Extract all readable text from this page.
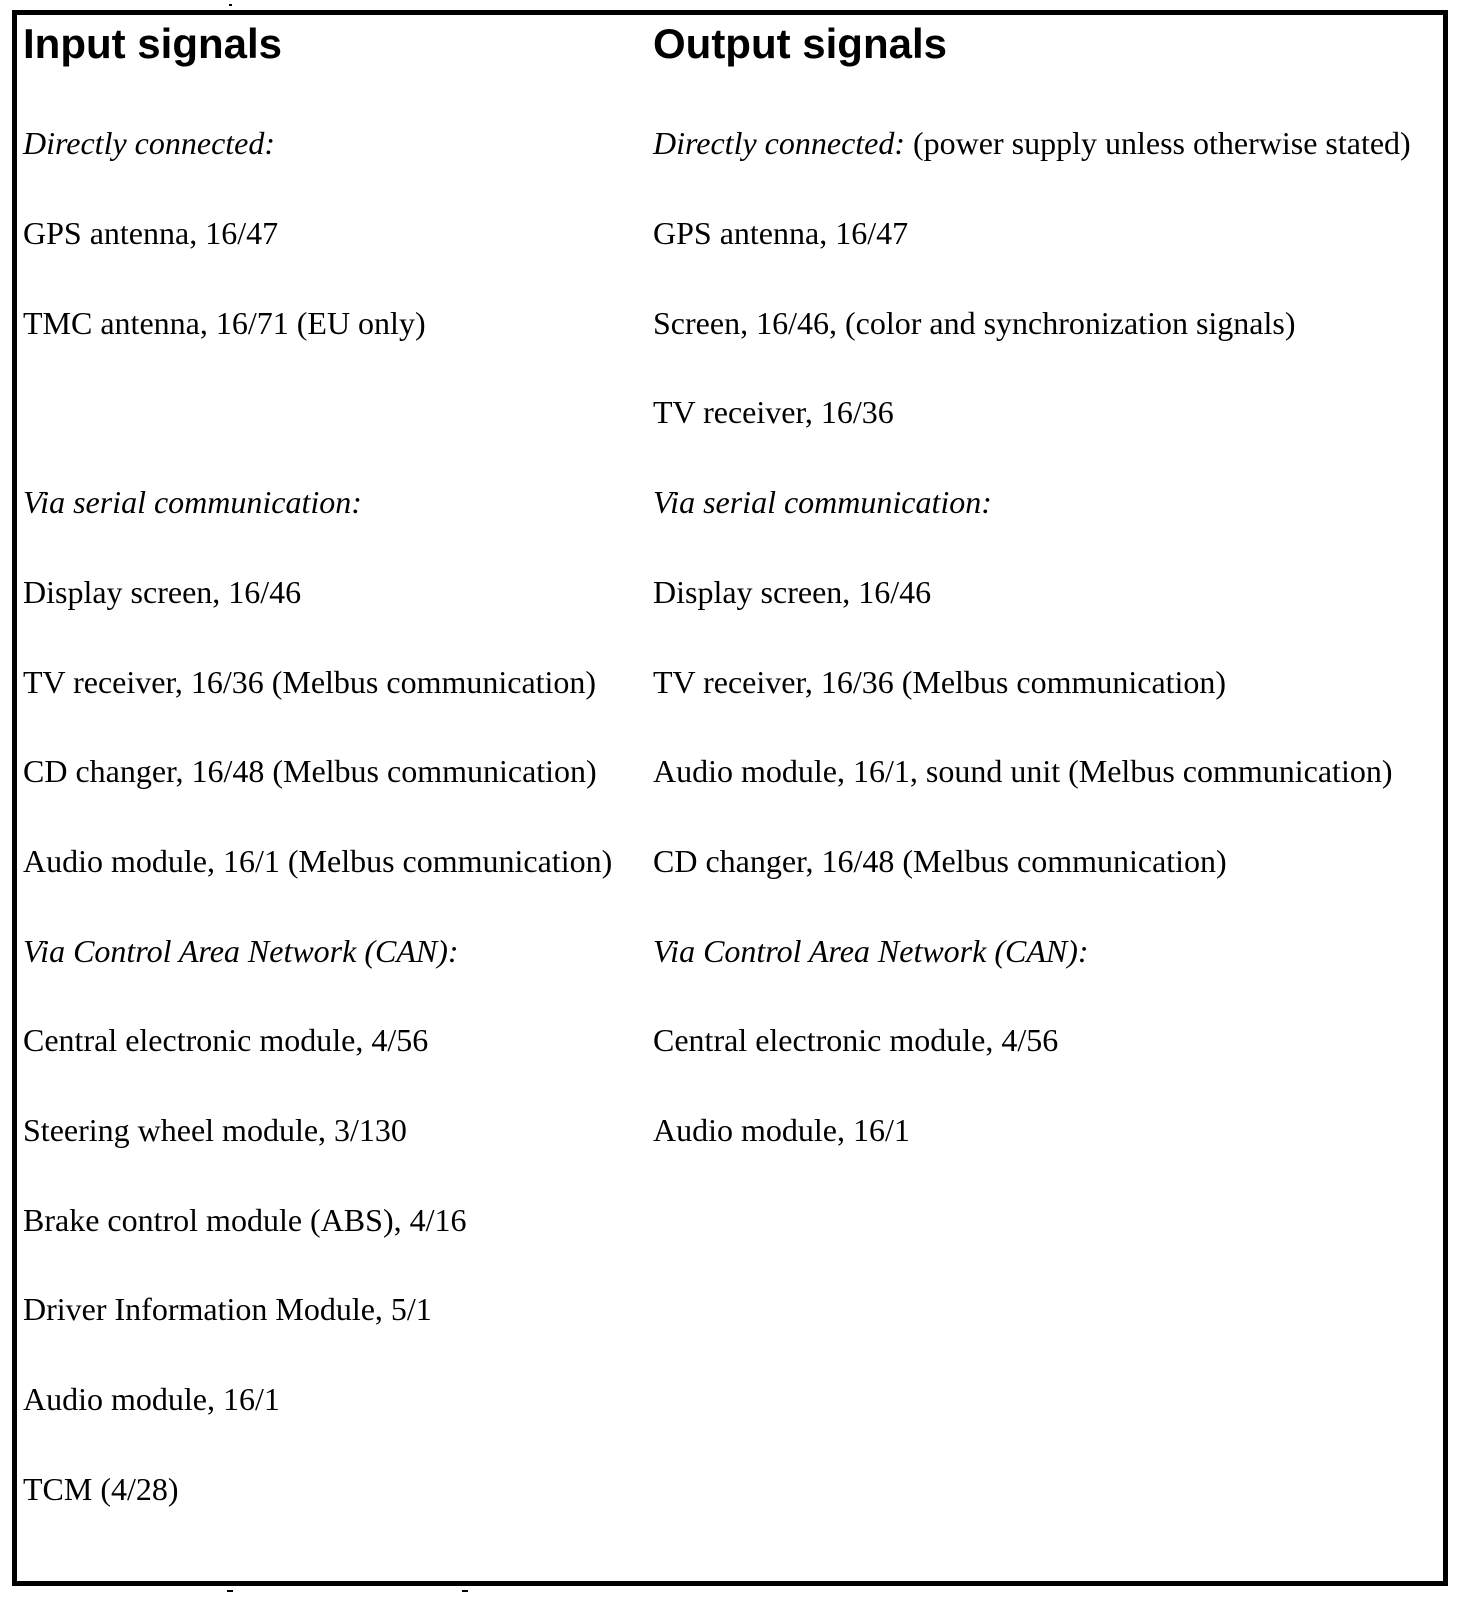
Input signals

Directly connected:

GPS antenna, 16/47

TMC antenna, 16/71 (EU only)

Via serial communication:

Display screen, 16/46

TV receiver, 16/36 (Melbus communication)

CD changer, 16/48 (Melbus communication)

Audio module, 16/1 (Melbus communication)

Via Control Area Network (CAN):

Central electronic module, 4/56

Steering wheel module, 3/130

Brake control module (ABS), 4/16

Driver Information Module, 5/1

Audio module, 16/1

TCM (4/28)

Output signals

Directly connected: (power supply unless otherwise stated)

GPS antenna, 16/47

Screen, 16/46, (color and synchronization signals)

TV receiver, 16/36

Via serial communication:

Display screen, 16/46

TV receiver, 16/36 (Melbus communication)

Audio module, 16/1, sound unit (Melbus communication)

CD changer, 16/48 (Melbus communication)

Via Control Area Network (CAN):

Central electronic module, 4/56

Audio module, 16/1
